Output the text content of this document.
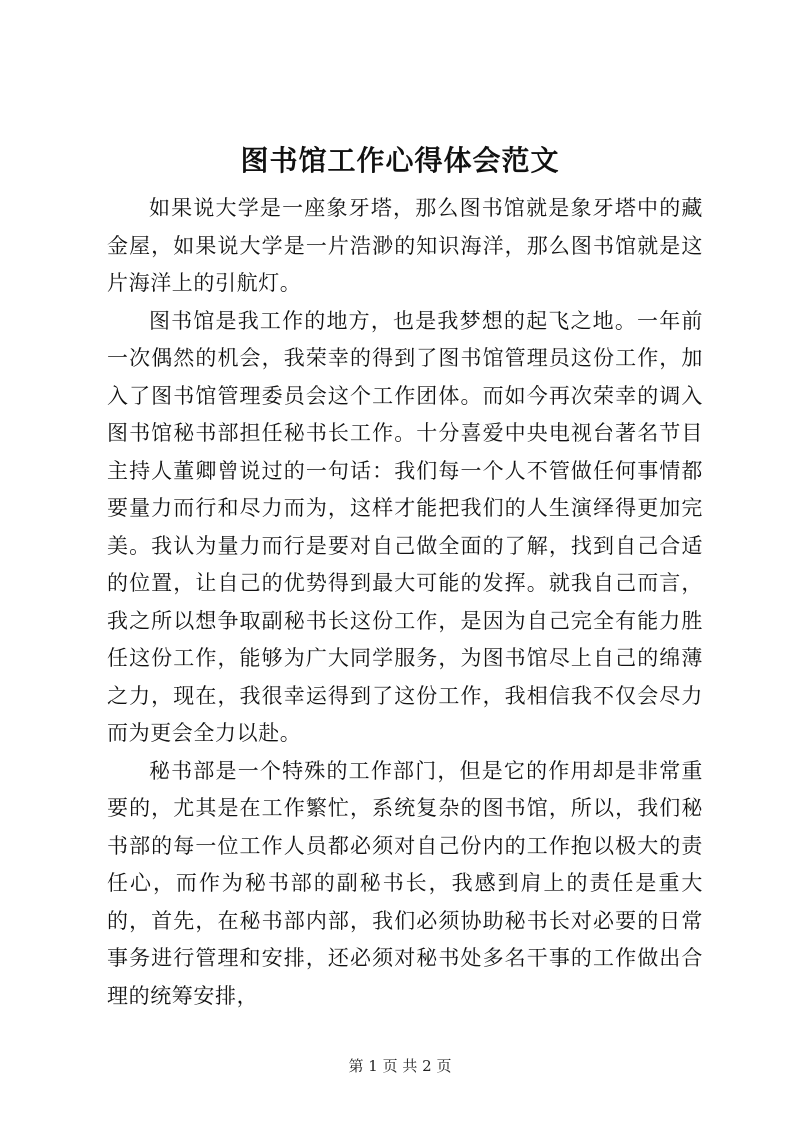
图书馆工作心得体会范文

如果说大学是一座象牙塔，那么图书馆就是象牙塔中的藏金屋，如果说大学是一片浩渺的知识海洋，那么图书馆就是这片海洋上的引航灯。

图书馆是我工作的地方，也是我梦想的起飞之地。一年前一次偶然的机会，我荣幸的得到了图书馆管理员这份工作，加入了图书馆管理委员会这个工作团体。而如今再次荣幸的调入图书馆秘书部担任秘书长工作。十分喜爱中央电视台著名节目主持人董卿曾说过的一句话：我们每一个人不管做任何事情都要量力而行和尽力而为，这样才能把我们的人生演绎得更加完美。我认为量力而行是要对自己做全面的了解，找到自己合适的位置，让自己的优势得到最大可能的发挥。就我自己而言，我之所以想争取副秘书长这份工作，是因为自己完全有能力胜任这份工作，能够为广大同学服务，为图书馆尽上自己的绵薄之力，现在，我很幸运得到了这份工作，我相信我不仅会尽力而为更会全力以赴。

秘书部是一个特殊的工作部门，但是它的作用却是非常重要的，尤其是在工作繁忙，系统复杂的图书馆，所以，我们秘书部的每一位工作人员都必须对自己份内的工作抱以极大的责任心，而作为秘书部的副秘书长，我感到肩上的责任是重大的，首先，在秘书部内部，我们必须协助秘书长对必要的日常事务进行管理和安排，还必须对秘书处多名干事的工作做出合理的统筹安排，

第 1 页 共 2 页
